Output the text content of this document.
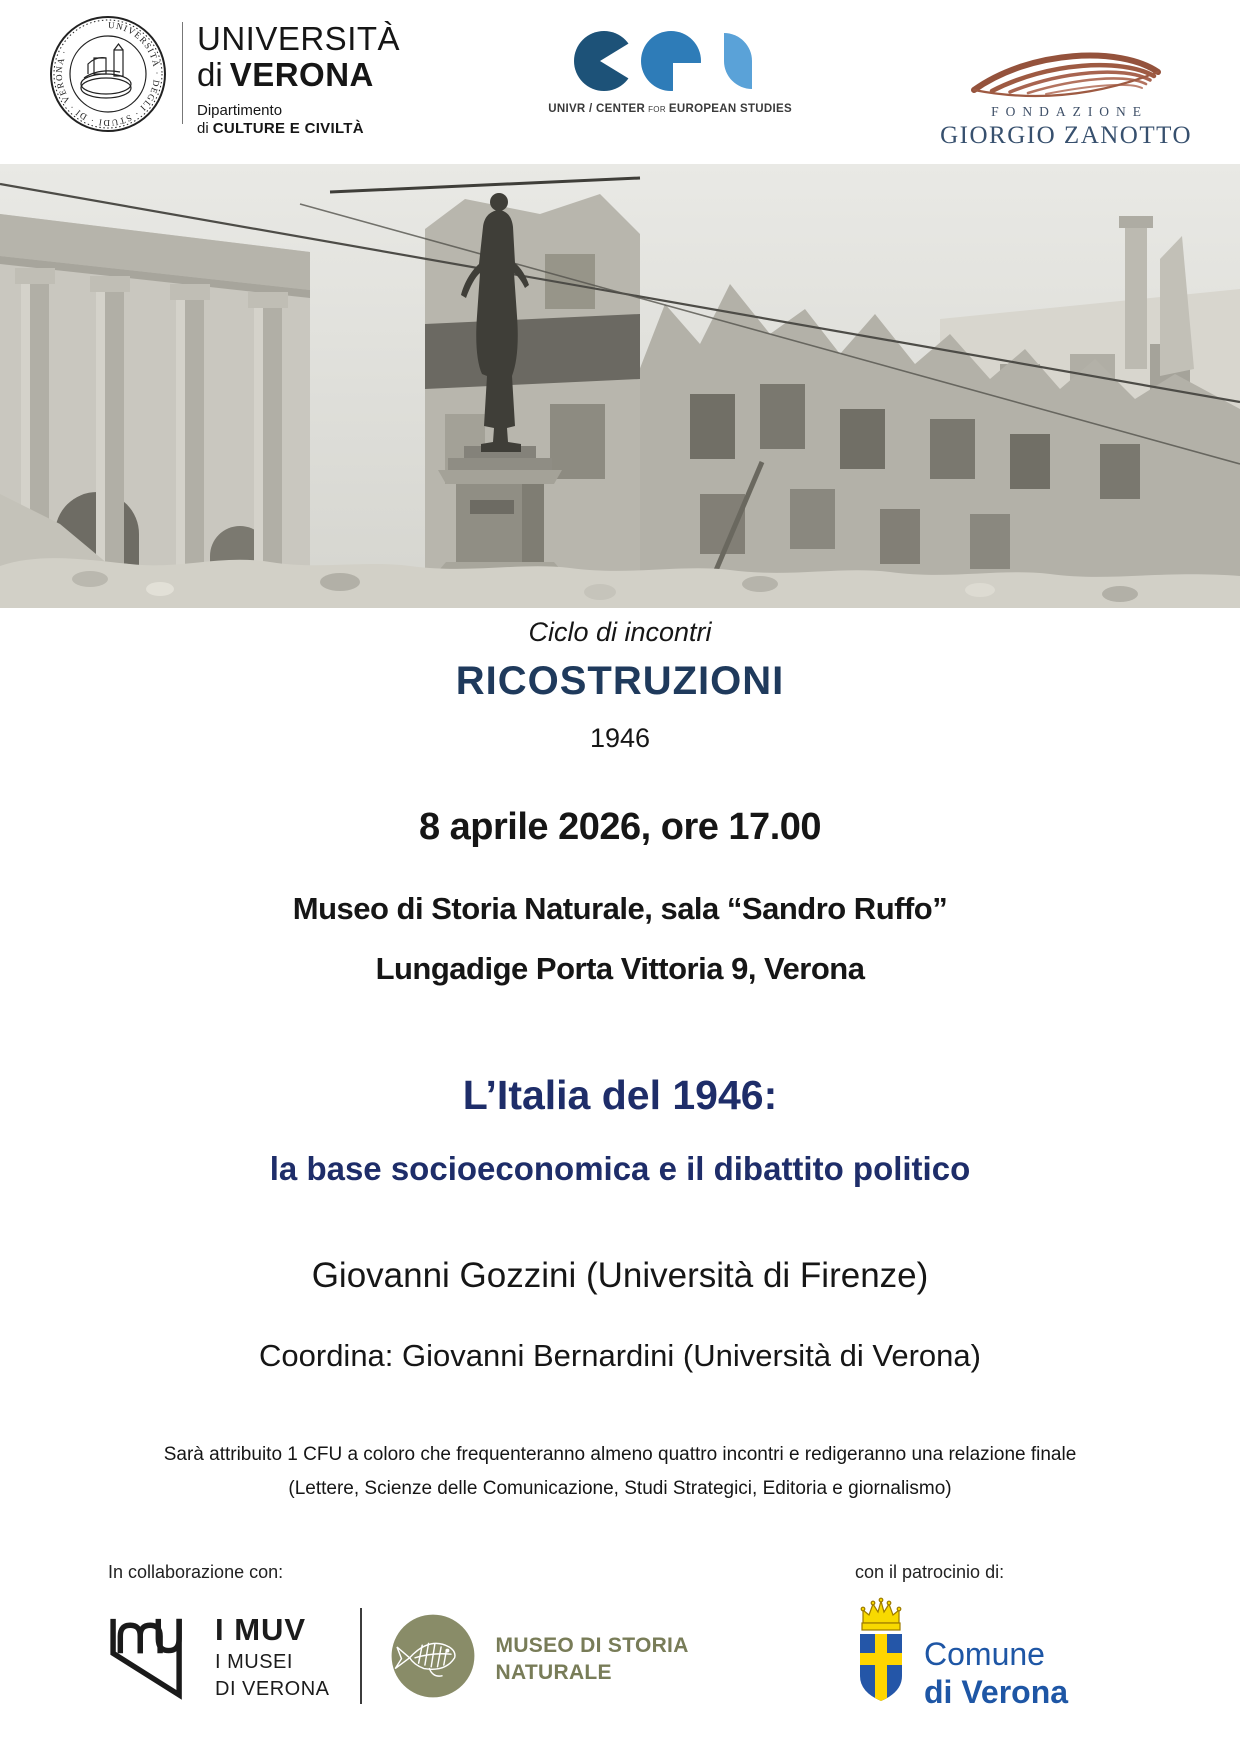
UNIVERSITÀ · DEGLI · STUDI · DI · VERONA ·	UNIVERSITÀ
di VERONA
Dipartimento
di CULTURE E CIVILTÀ
UNIVR / CENTER FOR EUROPEAN STUDIES	FONDAZIONE
GIORGIO ZANOTTO
Ciclo di incontri
RICOSTRUZIONI
1946
8 aprile 2026, ore 17.00
Museo di Storia Naturale, sala “Sandro Ruffo”
Lungadige Porta Vittoria 9, Verona
L’Italia del 1946:
la base socioeconomica e il dibattito politico
Giovanni Gozzini (Università di Firenze)
Coordina: Giovanni Bernardini (Università di Verona)
Sarà attribuito 1 CFU a coloro che frequenteranno almeno quattro incontri e redigeranno una relazione finale
(Lettere, Scienze delle Comunicazione, Studi Strategici, Editoria e giornalismo)
In collaborazione con:	con il patrocinio di:
I MUV
I MUSEI
DI VERONA
MUSEO DI STORIA
NATURALE
Comune
di Verona
